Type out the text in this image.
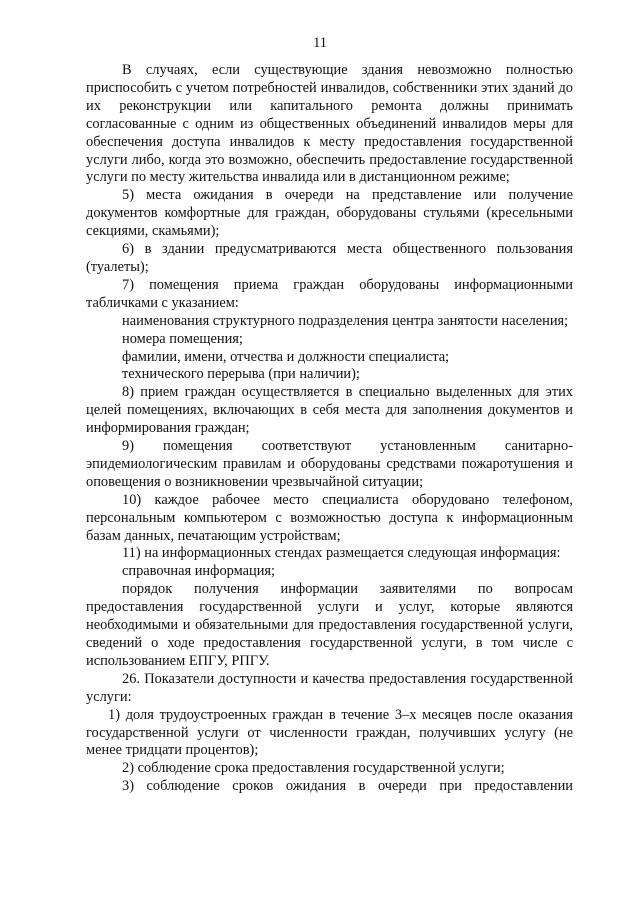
11

В случаях, если существующие здания невозможно полностью приспособить с учетом потребностей инвалидов, собственники этих зданий до их реконструкции или капитального ремонта должны принимать согласованные с одним из общественных объединений инвалидов меры для обеспечения доступа инвалидов к месту предоставления государственной услуги либо, когда это возможно, обеспечить предоставление государственной услуги по месту жительства инвалида или в дистанционном режиме;

5) места ожидания в очереди на представление или получение документов комфортные для граждан, оборудованы стульями (кресельными секциями, скамьями);

6) в здании предусматриваются места общественного пользования (туалеты);

7) помещения приема граждан оборудованы информационными табличками с указанием:

наименования структурного подразделения центра занятости населения;

номера помещения;

фамилии, имени, отчества и должности специалиста;

технического перерыва (при наличии);

8) прием граждан осуществляется в специально выделенных для этих целей помещениях, включающих в себя места для заполнения документов и информирования граждан;

9) помещения соответствуют установленным санитарно-эпидемиологическим правилам и оборудованы средствами пожаротушения и оповещения о возникновении чрезвычайной ситуации;

10) каждое рабочее место специалиста оборудовано телефоном, персональным компьютером с возможностью доступа к информационным базам данных, печатающим устройствам;

11) на информационных стендах размещается следующая информация:

справочная информация;

порядок получения информации заявителями по вопросам предоставления государственной услуги и услуг, которые являются необходимыми и обязательными для предоставления государственной услуги, сведений о ходе предоставления государственной услуги, в том числе с использованием ЕПГУ, РПГУ.

26. Показатели доступности и качества предоставления государственной услуги:

1) доля трудоустроенных граждан в течение 3–х месяцев после оказания государственной услуги от численности граждан, получивших услугу (не менее тридцати процентов);

2) соблюдение срока предоставления государственной услуги;

3) соблюдение сроков ожидания в очереди при предоставлении
